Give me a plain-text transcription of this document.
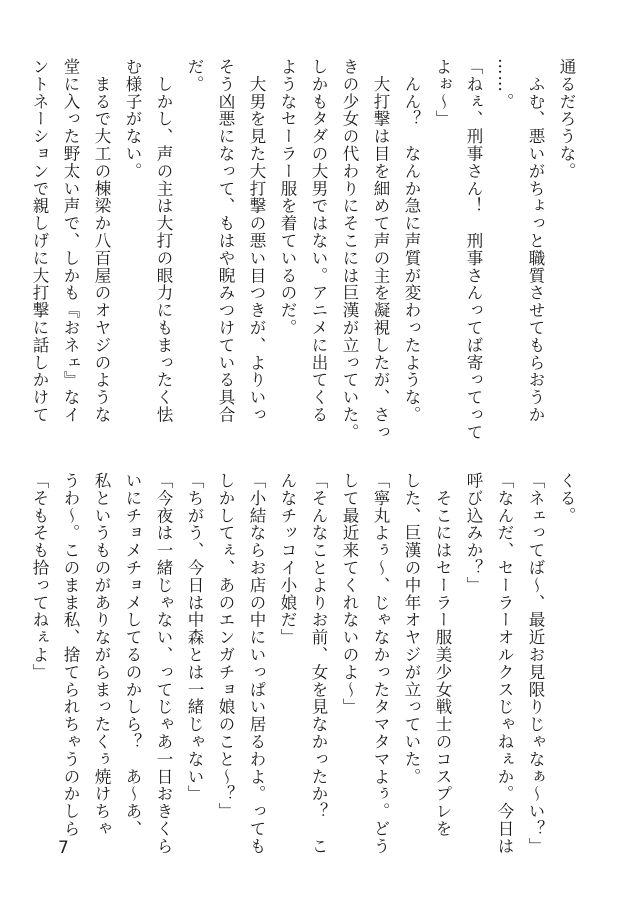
通るだろうな。
　ふむ、悪いがちょっと職質させてもらおうか
……。
「ねぇ、刑事さん！　刑事さんってば寄ってって
よぉ〜」
　んん？　なんか急に声質が変わったような。
　大打撃は目を細めて声の主を凝視したが、さっ
きの少女の代わりにそこには巨漢が立っていた。
しかもタダの大男ではない。アニメに出てくる
ようなセーラー服を着ているのだ。
　大男を見た大打撃の悪い目つきが、よりいっ
そう凶悪になって、もはや睨みつけている具合
だ。
　しかし、声の主は大打の眼力にもまったく怯
む様子がない。
　まるで大工の棟梁か八百屋のオヤジのような
堂に入った野太い声で、しかも『おネェ』なイ
ントネーションで親しげに大打撃に話しかけて
くる。
「ネェってば〜、最近お見限りじゃなぁ〜い？」
「なんだ、セーラーオルクスじゃねぇか。今日は
呼び込みか？」
　そこにはセーラー服美少女戦士のコスプレを
した、巨漢の中年オヤジが立っていた。
「寧丸よぅ〜、じゃなかったタマタマよぅ。どう
して最近来てくれないのよ〜」
「そんなことよりお前、女を見なかったか？　こ
んなチッコイ小娘だ」
「小結ならお店の中にいっぱい居るわよ。っても
しかしてぇ、あのエンガチョ娘のこと〜？」
「ちがう、今日は中森とは一緒じゃない」
「今夜は一緒じゃない、ってじゃあ一日おきくら
いにチョメチョメしてるのかしら？　あ〜あ、
私というものがありながらまったくぅ焼けちゃ
うわ〜。このまま私、捨てられちゃうのかしら
「そもそも拾ってねぇよ」
7
